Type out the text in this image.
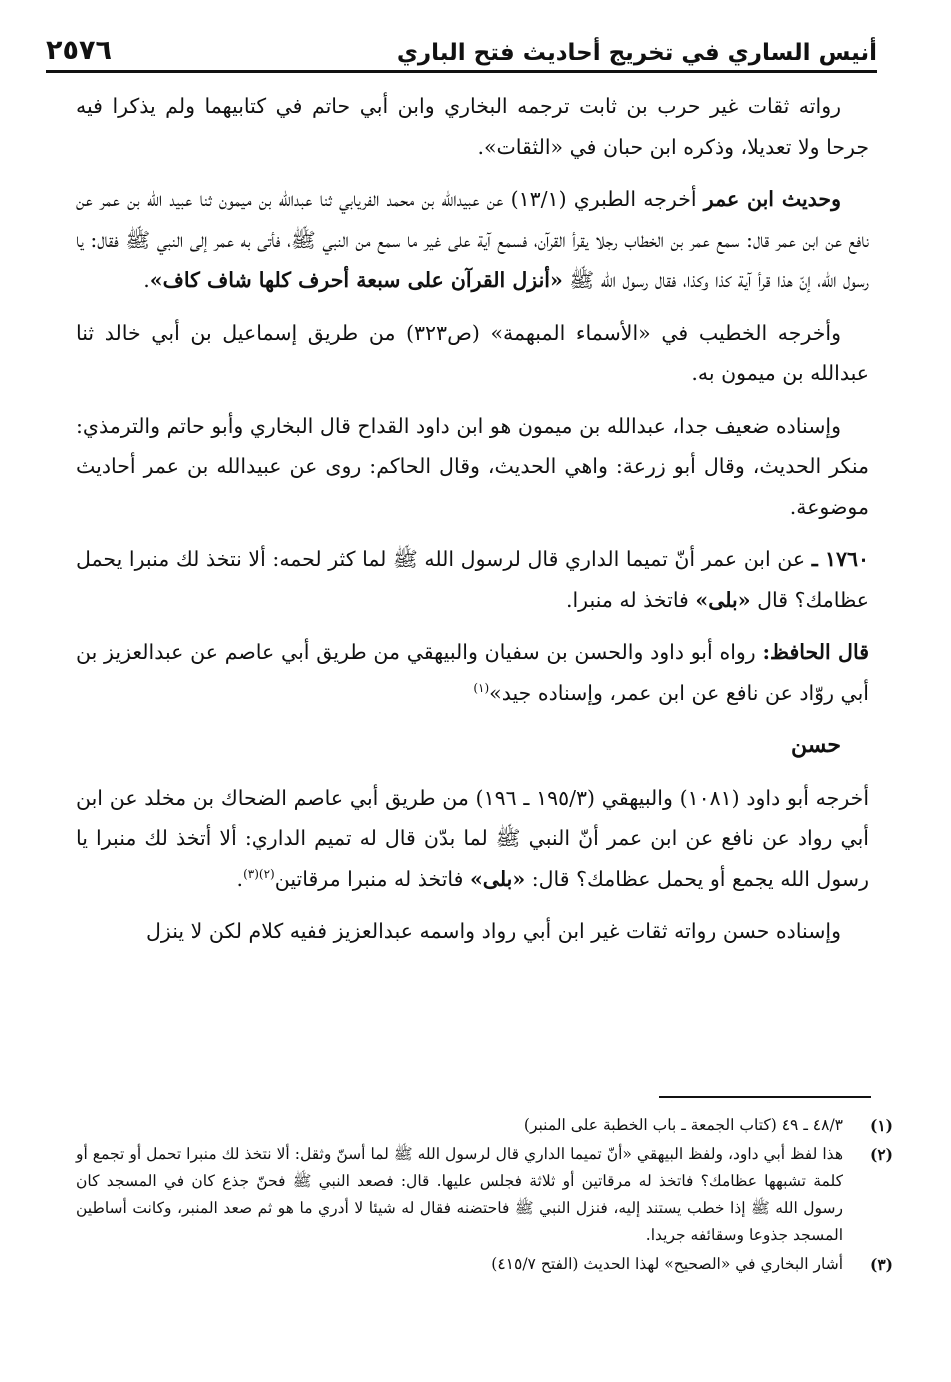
أنيس الساري في تخريج أحاديث فتح الباري
٢٥٧٦

رواته ثقات غير حرب بن ثابت ترجمه البخاري وابن أبي حاتم في كتابيهما ولم يذكرا فيه جرحا ولا تعديلا، وذكره ابن حبان في «الثقات».

وحديث ابن عمر أخرجه الطبري (١٣/١) عن عبيدالله بن محمد الفريابي ثنا عبدالله بن ميمون ثنا عبيد الله بن عمر عن نافع عن ابن عمر قال: سمع عمر بن الخطاب رجلا يقرأ القرآن، فسمع آية على غير ما سمع من النبي ﷺ، فأتى به عمر إلى النبي ﷺ فقال: يا رسول الله، إنّ هذا قرأ آية كذا وكذا، فقال رسول الله ﷺ «أنزل القرآن على سبعة أحرف كلها شاف كاف».

وأخرجه الخطيب في «الأسماء المبهمة» (ص٣٢٣) من طريق إسماعيل بن أبي خالد ثنا عبدالله بن ميمون به.

وإسناده ضعيف جدا، عبدالله بن ميمون هو ابن داود القداح قال البخاري وأبو حاتم والترمذي: منكر الحديث، وقال أبو زرعة: واهي الحديث، وقال الحاكم: روى عن عبيدالله بن عمر أحاديث موضوعة.

١٧٦٠ ـ عن ابن عمر أنّ تميما الداري قال لرسول الله ﷺ لما كثر لحمه: ألا نتخذ لك منبرا يحمل عظامك؟ قال «بلى» فاتخذ له منبرا.

قال الحافظ: رواه أبو داود والحسن بن سفيان والبيهقي من طريق أبي عاصم عن عبدالعزيز بن أبي روّاد عن نافع عن ابن عمر، وإسناده جيد»$^{(١)}$

حسن

أخرجه أبو داود (١٠٨١) والبيهقي (١٩٥/٣ ـ ١٩٦) من طريق أبي عاصم الضحاك بن مخلد عن ابن أبي رواد عن نافع عن ابن عمر أنّ النبي ﷺ لما بدّن قال له تميم الداري: ألا أتخذ لك منبرا يا رسول الله يجمع أو يحمل عظامك؟ قال: «بلى» فاتخذ له منبرا مرقاتين$^{(٢)(٣)}$.

وإسناده حسن رواته ثقات غير ابن أبي رواد واسمه عبدالعزيز ففيه كلام لكن لا ينزل

(١)
٤٨/٣ ـ ٤٩ (كتاب الجمعة ـ باب الخطبة على المنبر)
(٢)
هذا لفظ أبي داود، ولفظ البيهقي «أنّ تميما الداري قال لرسول الله ﷺ لما أسنّ وثقل: ألا نتخذ لك منبرا تحمل أو تجمع أو كلمة تشبهها عظامك؟ فاتخذ له مرقاتين أو ثلاثة فجلس عليها. قال: فصعد النبي ﷺ فحنّ جذع كان في المسجد كان رسول الله ﷺ إذا خطب يستند إليه، فنزل النبي ﷺ فاحتضنه فقال له شيئا لا أدري ما هو ثم صعد المنبر، وكانت أساطين المسجد جذوعا وسقائفه جريدا.
(٣)
أشار البخاري في «الصحيح» لهذا الحديث (الفتح ٤١٥/٧)
